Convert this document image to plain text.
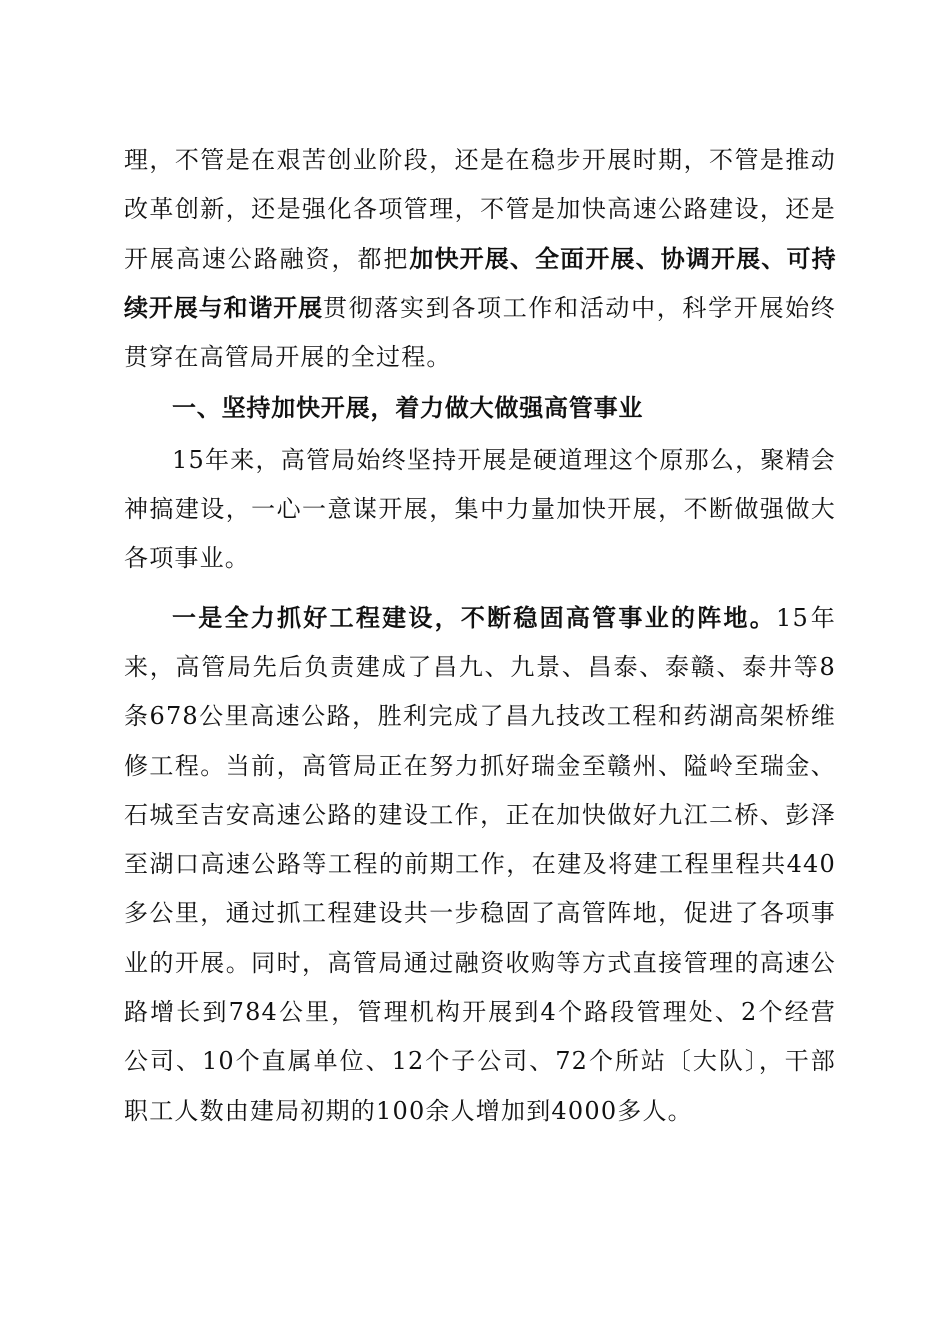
理，不管是在艰苦创业阶段，还是在稳步开展时期，不管是推动改革创新，还是强化各项管理，不管是加快高速公路建设，还是开展高速公路融资，都把加快开展、全面开展、协调开展、可持续开展与和谐开展贯彻落实到各项工作和活动中，科学开展始终贯穿在高管局开展的全过程。

一、坚持加快开展，着力做大做强高管事业

15年来，高管局始终坚持开展是硬道理这个原那么，聚精会神搞建设，一心一意谋开展，集中力量加快开展，不断做强做大各项事业。

一是全力抓好工程建设，不断稳固高管事业的阵地。15年来，高管局先后负责建成了昌九、九景、昌泰、泰赣、泰井等8条678公里高速公路，胜利完成了昌九技改工程和药湖高架桥维修工程。当前，高管局正在努力抓好瑞金至赣州、隘岭至瑞金、石城至吉安高速公路的建设工作，正在加快做好九江二桥、彭泽至湖口高速公路等工程的前期工作，在建及将建工程里程共440多公里，通过抓工程建设共一步稳固了高管阵地，促进了各项事业的开展。同时，高管局通过融资收购等方式直接管理的高速公路增长到784公里，管理机构开展到4个路段管理处、2个经营公司、10个直属单位、12个子公司、72个所站〔大队〕，干部职工人数由建局初期的100余人增加到4000多人。
